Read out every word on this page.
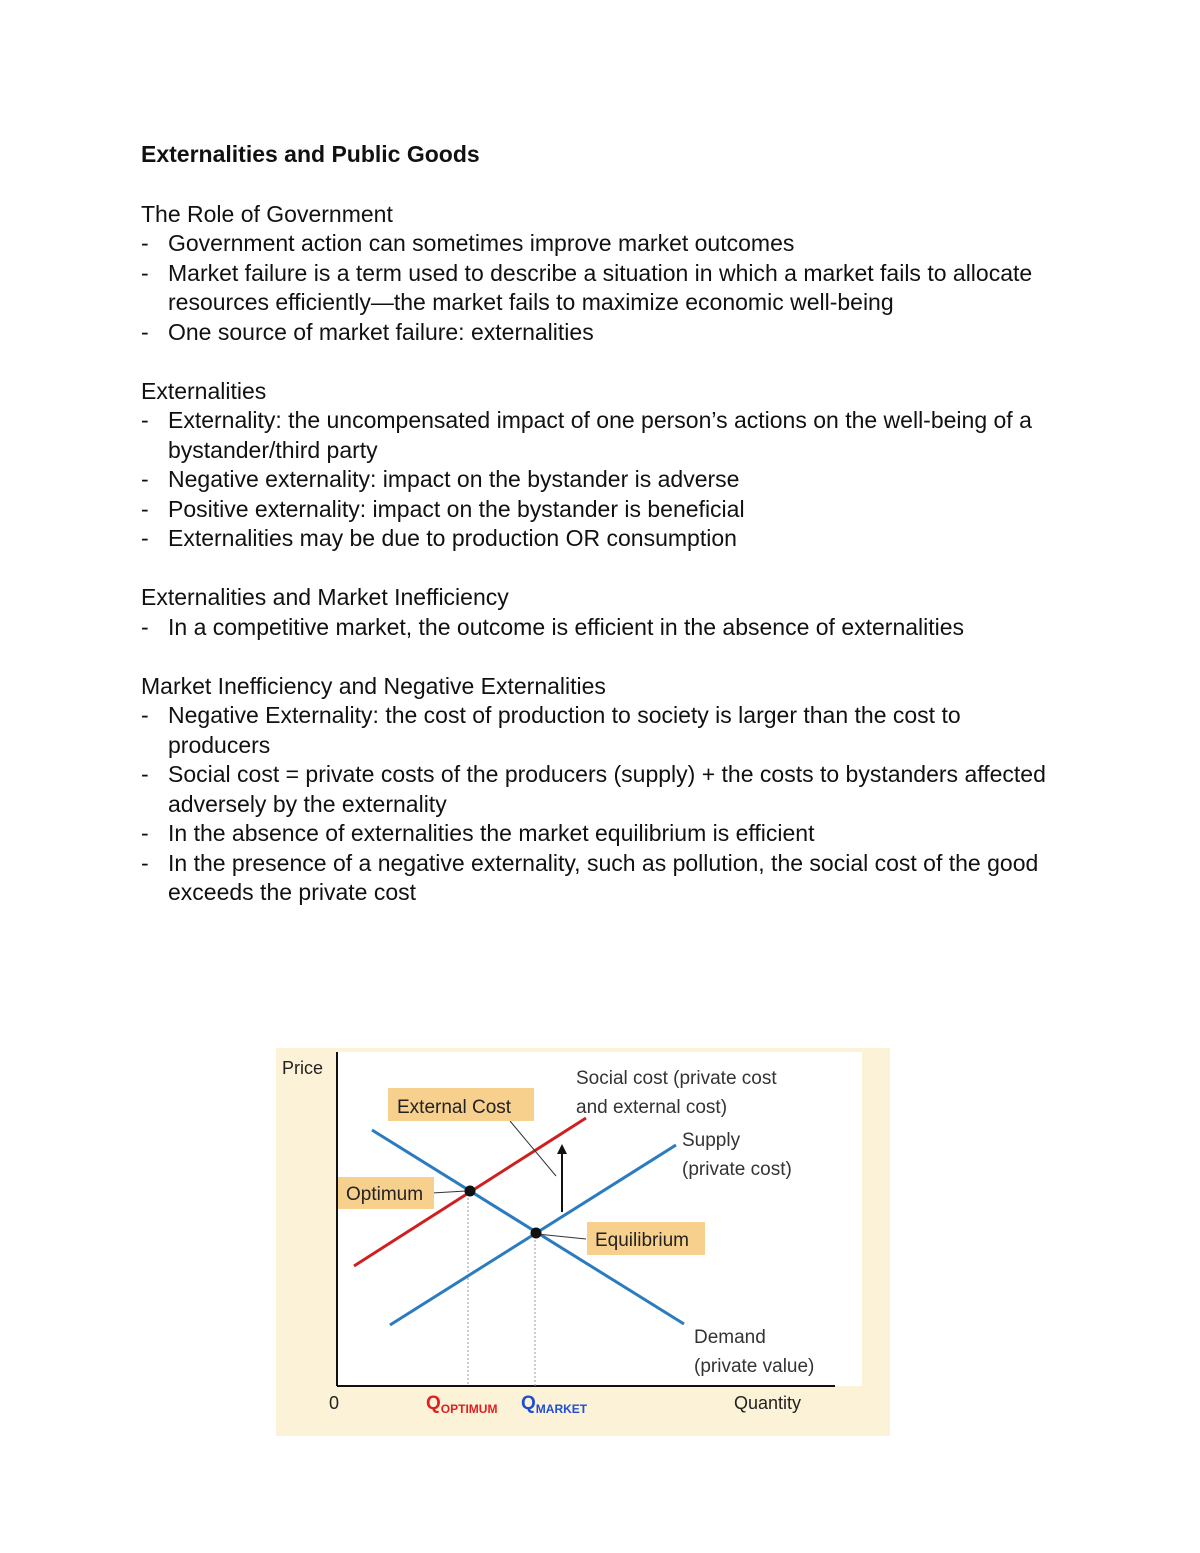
Externalities and Public Goods
The Role of Government
- Government action can sometimes improve market outcomes
- Market failure is a term used to describe a situation in which a market fails to allocate resources efficiently—the market fails to maximize economic well-being
- One source of market failure: externalities
Externalities
- Externality: the uncompensated impact of one person’s actions on the well-being of a bystander/third party
- Negative externality: impact on the bystander is adverse
- Positive externality: impact on the bystander is beneficial
- Externalities may be due to production OR consumption
Externalities and Market Inefficiency
- In a competitive market, the outcome is efficient in the absence of externalities
Market Inefficiency and Negative Externalities
- Negative Externality: the cost of production to society is larger than the cost to producers
- Social cost = private costs of the producers (supply) + the costs to bystanders affected adversely by the externality
- In the absence of externalities the market equilibrium is efficient
- In the presence of a negative externality, such as pollution, the social cost of the good exceeds the private cost
External Cost
Optimum
Equilibrium
Price
Quantity
0
Social cost (private cost
and external cost)
Supply
(private cost)
Demand
(private value)
$Q_{OPTIMUM}$ $Q_{MARKET}$
